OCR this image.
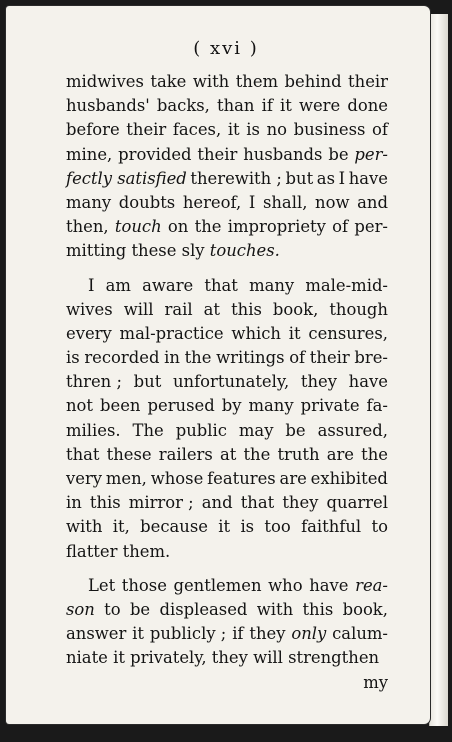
( xvi )
midwives take with them behind their
husbands' backs, than if it were done
before their faces, it is no business of
mine, provided their husbands be per-
fectly satisfied therewith ; but as I have
many doubts hereof, I shall, now and
then, touch on the impropriety of per-
mitting
these
sly
touches.
I am aware that many male-mid-
wives will rail at this book, though
every mal-practice which it censures,
is recorded in the writings of their bre-
thren ; but unfortunately, they have
not been perused by many private fa-
milies. The public may be assured,
that these railers at the truth are the
very men, whose features are exhibited
in this mirror ; and that they quarrel
with it, because it is too faithful to
flatter
them.
Let those gentlemen who have rea-
son to be displeased with this book,
answer it publicly ; if they only calum-
niate
it
privately,
they
will
strengthen
my
